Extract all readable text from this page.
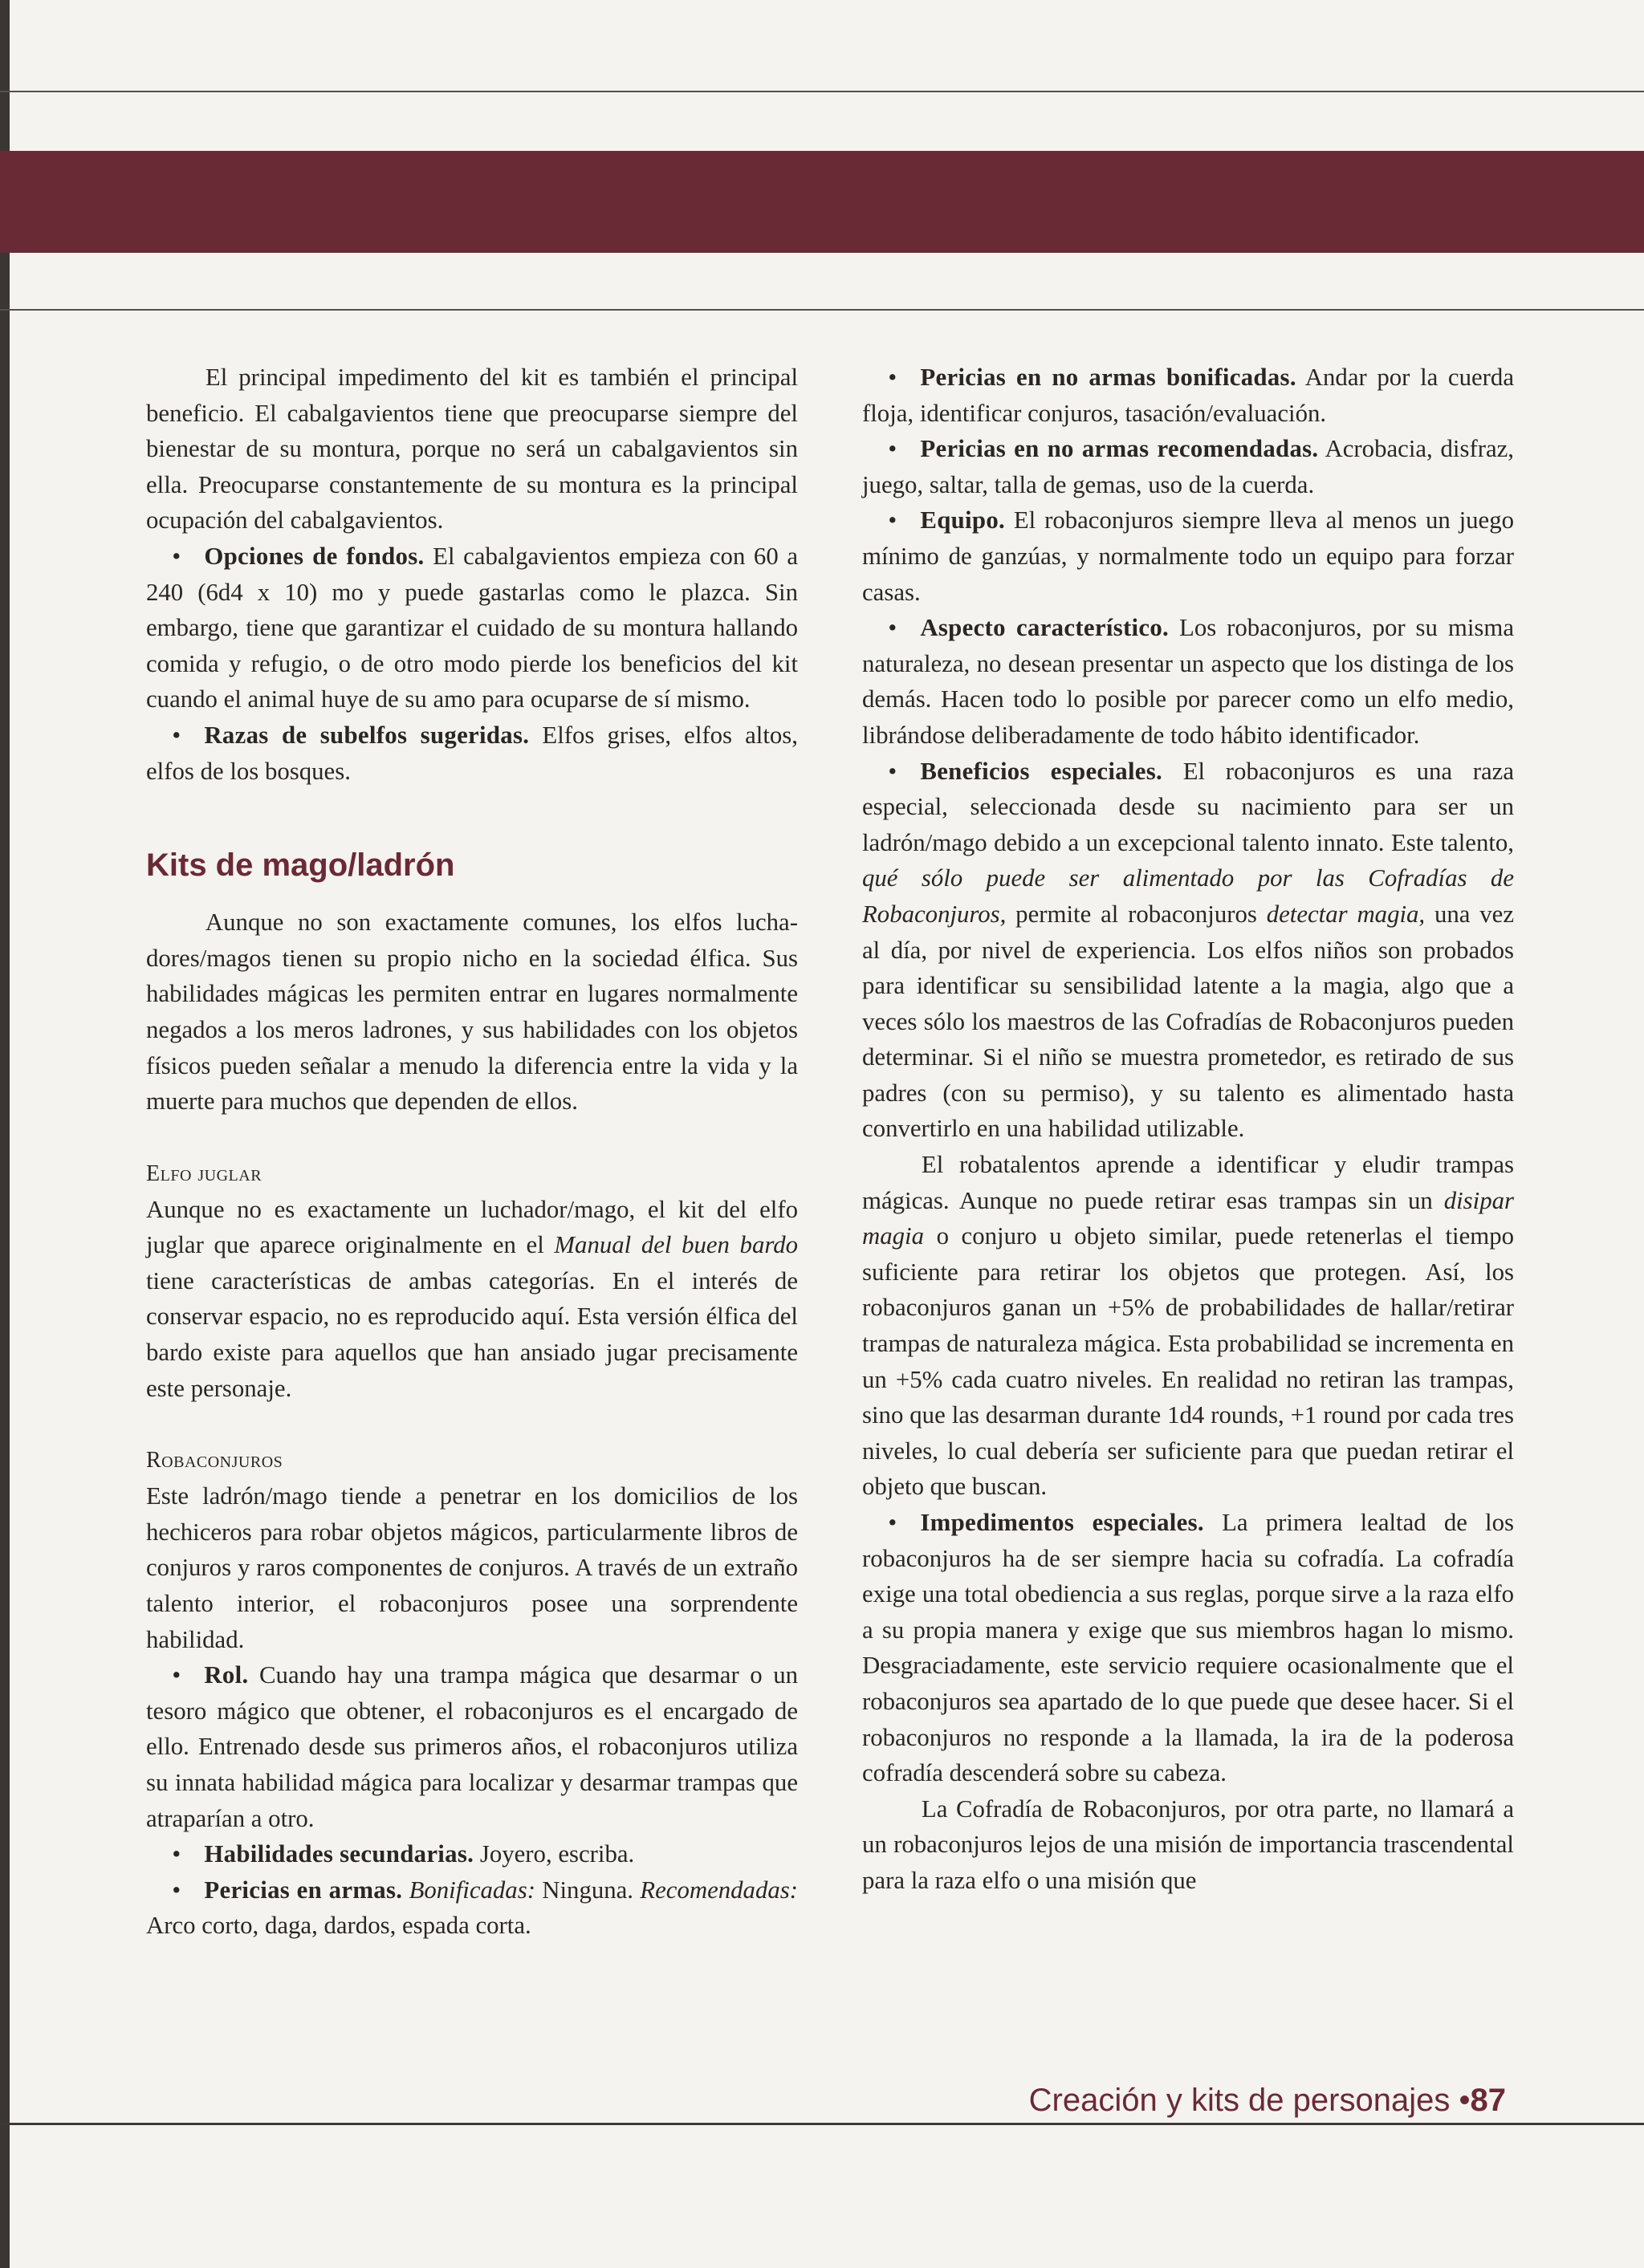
El principal impedimento del kit es también el principal beneficio. El cabalgavientos tiene que preocuparse siempre del bienestar de su montura, porque no será un cabalgavientos sin ella. Preocuparse constantemente de su montura es la principal ocupación del cabalgavientos.

•Opciones de fondos. El cabalgavientos empieza con 60 a 240 (6d4 x 10) mo y puede gastarlas como le plazca. Sin embargo, tiene que garantizar el cuidado de su montura hallando comida y refugio, o de otro modo pierde los beneficios del kit cuando el animal huye de su amo para ocuparse de sí mismo.

•Razas de subelfos sugeridas. Elfos grises, elfos altos, elfos de los bosques.

Kits de mago/ladrón

Aunque no son exactamente comunes, los elfos luchadores/magos tienen su propio nicho en la sociedad élfica. Sus habilidades mágicas les permiten entrar en lugares normalmente negados a los meros ladrones, y sus habilidades con los objetos físicos pueden señalar a menudo la diferencia entre la vida y la muerte para muchos que dependen de ellos.

Elfo juglar

Aunque no es exactamente un luchador/mago, el kit del elfo juglar que aparece originalmente en el Manual del buen bardo tiene características de ambas categorías. En el interés de conservar espacio, no es reproducido aquí. Esta versión élfica del bardo existe para aquellos que han ansiado jugar precisamente este personaje.

Robaconjuros

Este ladrón/mago tiende a penetrar en los domicilios de los hechiceros para robar objetos mágicos, particularmente libros de conjuros y raros componentes de conjuros. A través de un extraño talento interior, el robaconjuros posee una sorprendente habilidad.

•Rol. Cuando hay una trampa mágica que desarmar o un tesoro mágico que obtener, el robaconjuros es el encargado de ello. Entrenado desde sus primeros años, el robaconjuros utiliza su innata habilidad mágica para localizar y desarmar trampas que atraparían a otro.

•Habilidades secundarias. Joyero, escriba.

•Pericias en armas. Bonificadas: Ninguna. Recomendadas: Arco corto, daga, dardos, espada corta.

•Pericias en no armas bonificadas. Andar por la cuerda floja, identificar conjuros, tasación/evaluación.

•Pericias en no armas recomendadas. Acrobacia, disfraz, juego, saltar, talla de gemas, uso de la cuerda.

•Equipo. El robaconjuros siempre lleva al menos un juego mínimo de ganzúas, y normalmente todo un equipo para forzar casas.

•Aspecto característico. Los robaconjuros, por su misma naturaleza, no desean presentar un aspecto que los distinga de los demás. Hacen todo lo posible por parecer como un elfo medio, librándose deliberadamente de todo hábito identificador.

•Beneficios especiales. El robaconjuros es una raza especial, seleccionada desde su nacimiento para ser un ladrón/mago debido a un excepcional talento innato. Este talento, qué sólo puede ser alimentado por las Cofradías de Robaconjuros, permite al robaconjuros detectar magia, una vez al día, por nivel de experiencia. Los elfos niños son probados para identificar su sensibilidad latente a la magia, algo que a veces sólo los maestros de las Cofradías de Robaconjuros pueden determinar. Si el niño se muestra prometedor, es retirado de sus padres (con su permiso), y su talento es alimentado hasta convertirlo en una habilidad utilizable.

El robatalentos aprende a identificar y eludir trampas mágicas. Aunque no puede retirar esas trampas sin un disipar magia o conjuro u objeto similar, puede retenerlas el tiempo suficiente para retirar los objetos que protegen. Así, los robaconjuros ganan un +5% de probabilidades de hallar/retirar trampas de naturaleza mágica. Esta probabilidad se incrementa en un +5% cada cuatro niveles. En realidad no retiran las trampas, sino que las desarman durante 1d4 rounds, +1 round por cada tres niveles, lo cual debería ser suficiente para que puedan retirar el objeto que buscan.

•Impedimentos especiales. La primera lealtad de los robaconjuros ha de ser siempre hacia su cofradía. La cofradía exige una total obediencia a sus reglas, porque sirve a la raza elfo a su propia manera y exige que sus miembros hagan lo mismo. Desgraciadamente, este servicio requiere ocasionalmente que el robaconjuros sea apartado de lo que puede que desee hacer. Si el robaconjuros no responde a la llamada, la ira de la poderosa cofradía descenderá sobre su cabeza.

La Cofradía de Robaconjuros, por otra parte, no llamará a un robaconjuros lejos de una misión de importancia trascendental para la raza elfo o una misión que

Creación y kits de personajes •87
